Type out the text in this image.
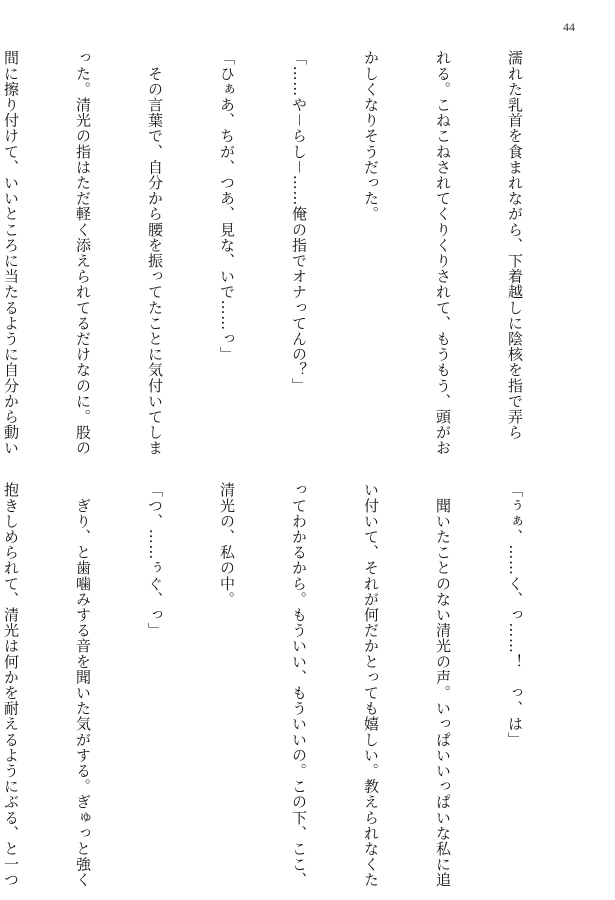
44

濡れた乳首を食まれながら、下着越しに陰核を指で弄ら

れる。こねこねされてくりくりされて、もうもう、頭がお

かしくなりそうだった。

「……や－らし－……俺の指でオナってんの？」

「ひぁあ、ちが、つあ、見な、いで……っ」

　その言葉で、自分から腰を振ってたことに気付いてしま

った。清光の指はただ軽く添えられてるだけなのに。股の

間に擦り付けて、いいところに当たるように自分から動い

「ぅぁ、……く、っ……！　っ、は」

　聞いたことのない清光の声。いっぱいいっぱいな私に追

い付いて、それが何だかとっても嬉しい。教えられなくた

ってわかるから。もういい、もういいの。この下、ここ、

清光の、私の中。

「つ、……ぅぐ、っ」

　ぎり、と歯噛みする音を聞いた気がする。ぎゅっと強く

抱きしめられて、清光は何かを耐えるようにぶる、と一つ
